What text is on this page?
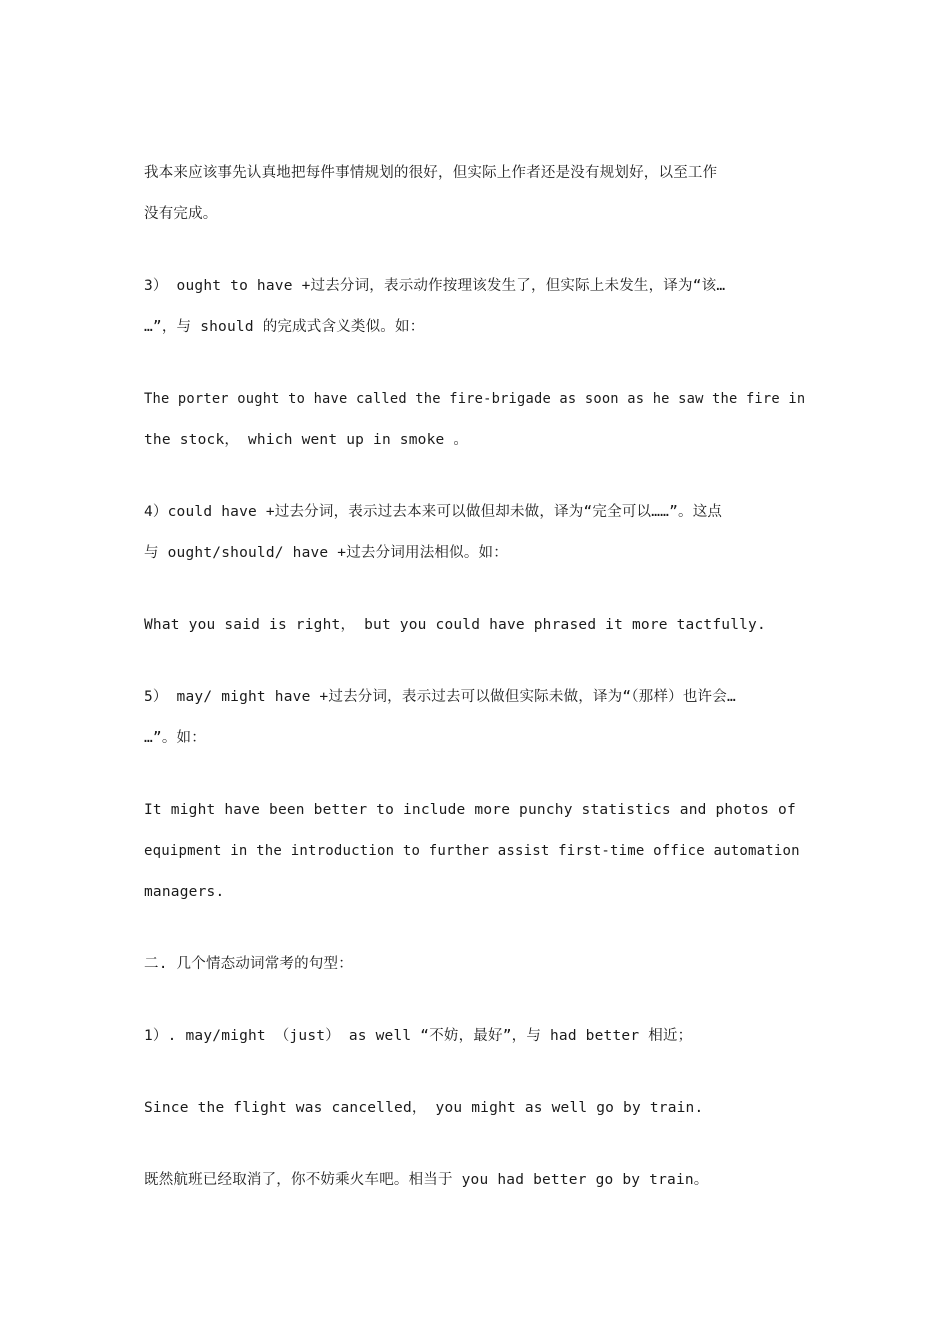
我本来应该事先认真地把每件事情规划的很好，但实际上作者还是没有规划好，以至工作
没有完成。
3） ought to have +过去分词，表示动作按理该发生了，但实际上未发生，译为“该…
…”，与 should 的完成式含义类似。如：
The porter ought to have called the fire-brigade as soon as he saw the fire in
the stock， which went up in smoke 。
4）could have +过去分词，表示过去本来可以做但却未做，译为“完全可以……”。这点
与 ought/should/ have +过去分词用法相似。如：
What you said is right， but you could have phrased it more tactfully.
5） may/ might have +过去分词，表示过去可以做但实际未做，译为“（那样）也许会…
…”。如：
It might have been better to include more punchy statistics and photos of
equipment in the introduction to further assist first-time office automation
managers.
二. 几个情态动词常考的句型：
1）. may/might （just） as well “不妨，最好”，与 had better 相近；
Since the flight was cancelled， you might as well go by train.
既然航班已经取消了，你不妨乘火车吧。相当于 you had better go by train。
